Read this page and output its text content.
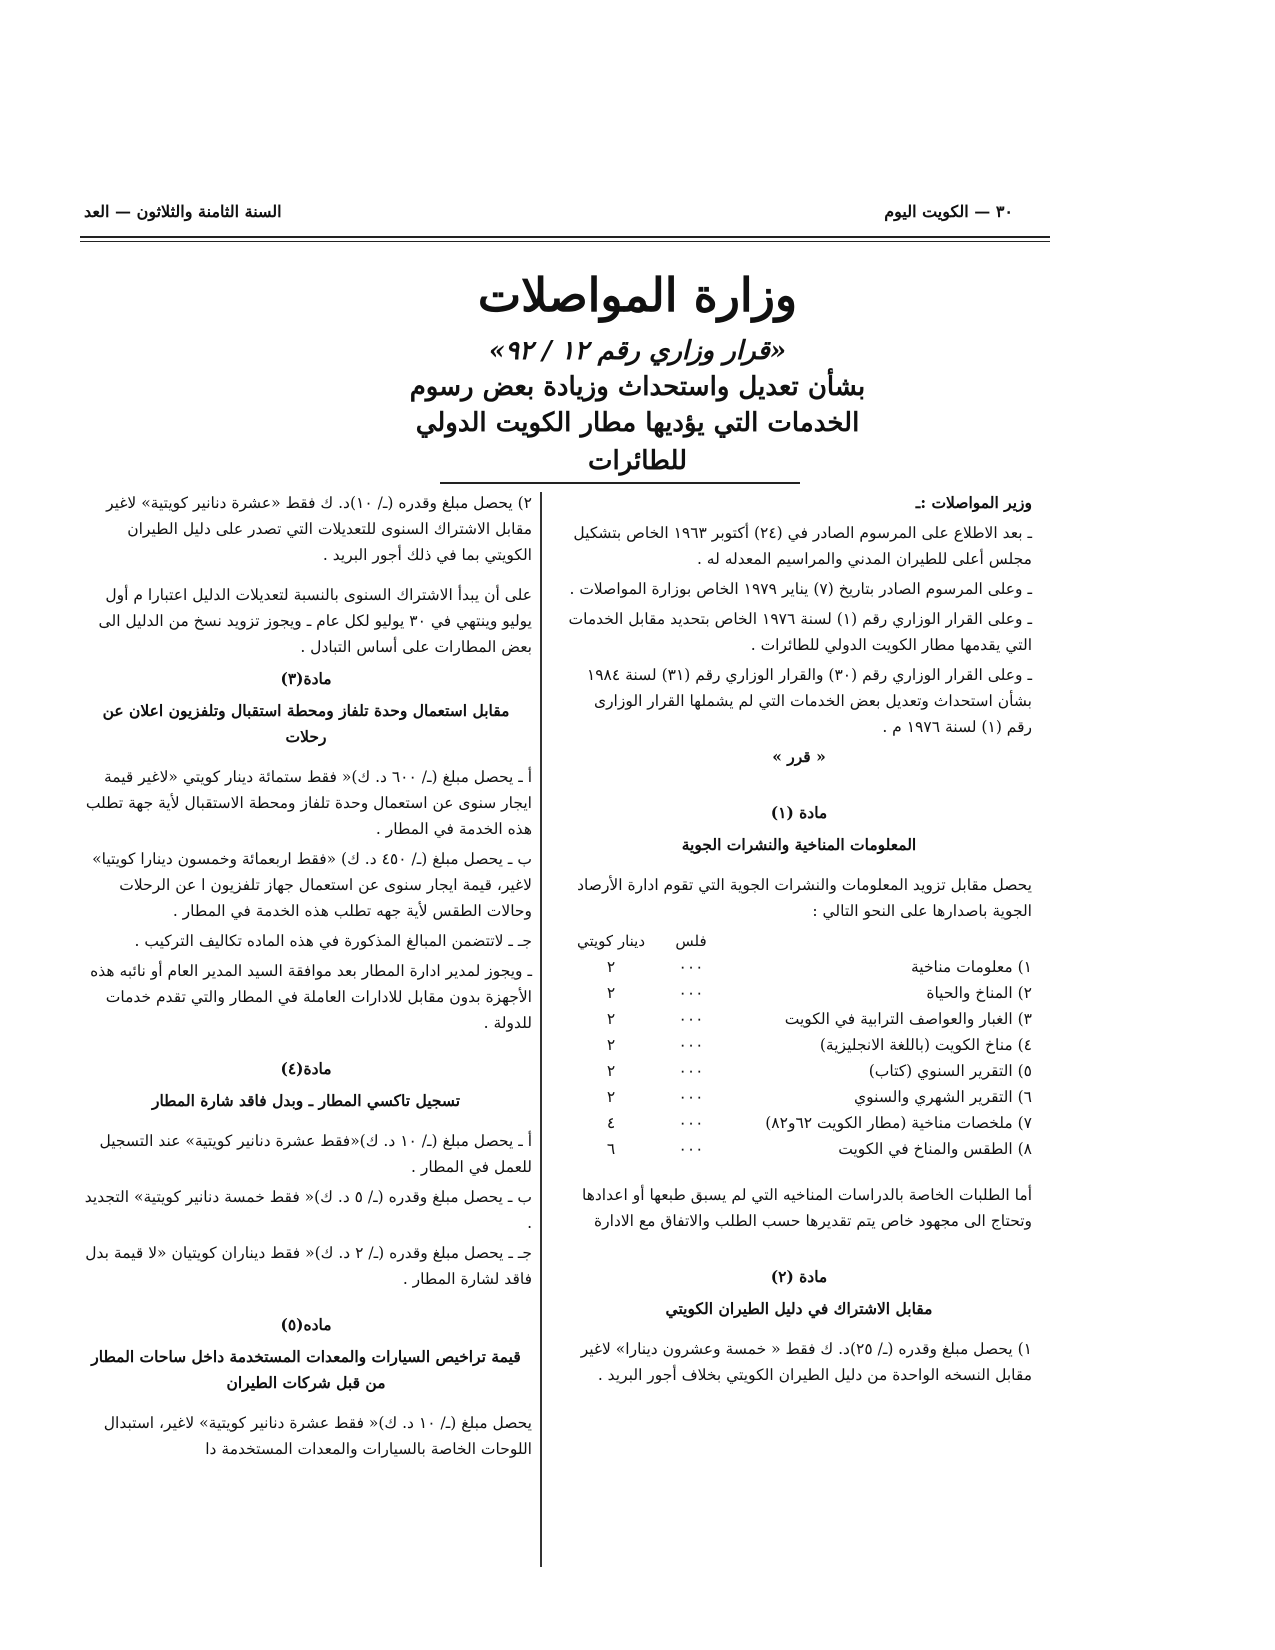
٣٠ — الكويت اليوم
السنة الثامنة والثلاثون — العد
وزارة المواصلات
«قرار وزاري رقم ١٢ / ٩٢»
بشأن تعديل واستحداث وزيادة بعض رسوم
الخدمات التي يؤديها مطار الكويت الدولي
للطائرات

وزير المواصلات :ـ

ـ بعد الاطلاع على المرسوم الصادر في (٢٤) أكتوبر ١٩٦٣ الخاص بتشكيل مجلس أعلى للطيران المدني والمراسيم المعدله له .

ـ وعلى المرسوم الصادر بتاريخ (٧) يناير ١٩٧٩ الخاص بوزارة المواصلات .

ـ وعلى القرار الوزاري رقم (١) لسنة ١٩٧٦ الخاص بتحديد مقابل الخدمات التي يقدمها مطار الكويت الدولي للطائرات .

ـ وعلى القرار الوزاري رقم (٣٠) والقرار الوزاري رقم (٣١) لسنة ١٩٨٤ بشأن استحداث وتعديل بعض الخدمات التي لم يشملها القرار الوزارى رقم (١) لسنة ١٩٧٦ م .

« قرر »

مادة (١)

المعلومات المناخية والنشرات الجوية

يحصل مقابل تزويد المعلومات والنشرات الجوية التي تقوم ادارة الأرصاد الجوية باصدارها على النحو التالي :

	فلس	دينار كويتي
١) معلومات مناخية	٠٠٠	٢
٢) المناخ والحياة	٠٠٠	٢
٣) الغبار والعواصف الترابية في الكويت	٠٠٠	٢
٤) مناخ الكويت (باللغة الانجليزية)	٠٠٠	٢
٥) التقرير السنوي (كتاب)	٠٠٠	٢
٦) التقرير الشهري والسنوي	٠٠٠	٢
٧) ملخصات مناخية (مطار الكويت ٦٢و٨٢)	٠٠٠	٤
٨) الطقس والمناخ في الكويت	٠٠٠	٦

أما الطلبات الخاصة بالدراسات المناخيه التي لم يسبق طبعها أو اعدادها وتحتاج الى مجهود خاص يتم تقديرها حسب الطلب والاتفاق مع الادارة

مادة (٢)

مقابل الاشتراك في دليل الطيران الكويتي

١) يحصل مبلغ وقدره (ـ/ ٢٥)د. ك فقط « خمسة وعشرون دينارا» لاغير مقابل النسخه الواحدة من دليل الطيران الكويتي بخلاف أجور البريد .

٢) يحصل مبلغ وقدره (ـ/ ١٠)د. ك فقط «عشرة دنانير كويتية» لاغير مقابل الاشتراك السنوى للتعديلات التي تصدر على دليل الطيران الكويتي بما في ذلك أجور البريد .

على أن يبدأ الاشتراك السنوى بالنسبة لتعديلات الدليل اعتبارا م أول يوليو وينتهي في ٣٠ يوليو لكل عام ـ ويجوز تزويد نسخ من الدليل الى بعض المطارات على أساس التبادل .

مادة(٣)

مقابل استعمال وحدة تلفاز ومحطة استقبال وتلفزيون اعلان عن رحلات

أ ـ يحصل مبلغ (ـ/ ٦٠٠ د. ك)« فقط ستمائة دينار كويتي «لاغير قيمة ايجار سنوى عن استعمال وحدة تلفاز ومحطة الاستقبال لأية جهة تطلب هذه الخدمة في المطار .

ب ـ يحصل مبلغ (ـ/ ٤٥٠ د. ك) «فقط اربعمائة وخمسون دينارا كويتيا» لاغير، قيمة ايجار سنوى عن استعمال جهاز تلفزيون ا عن الرحلات وحالات الطقس لأية جهه تطلب هذه الخدمة في المطار .

جـ ـ لاتتضمن المبالغ المذكورة في هذه الماده تكاليف التركيب .

ـ ويجوز لمدير ادارة المطار بعد موافقة السيد المدير العام أو نائبه هذه الأجهزة بدون مقابل للادارات العاملة في المطار والتي تقدم خدمات للدولة .

مادة(٤)

تسجيل تاكسي المطار ـ وبدل فاقد شارة المطار

أ ـ يحصل مبلغ (ـ/ ١٠ د. ك)«فقط عشرة دنانير كويتية» عند التسجيل للعمل في المطار .

ب ـ يحصل مبلغ وقدره (ـ/ ٥ د. ك)« فقط خمسة دنانير كويتية» التجديد .

جـ ـ يحصل مبلغ وقدره (ـ/ ٢ د. ك)« فقط ديناران كويتيان «لا قيمة بدل فاقد لشارة المطار .

ماده(٥)

قيمة تراخيص السيارات والمعدات المستخدمة داخل ساحات المطار من قبل شركات الطيران

يحصل مبلغ (ـ/ ١٠ د. ك)« فقط عشرة دنانير كويتية» لاغير، استبدال اللوحات الخاصة بالسيارات والمعدات المستخدمة دا
